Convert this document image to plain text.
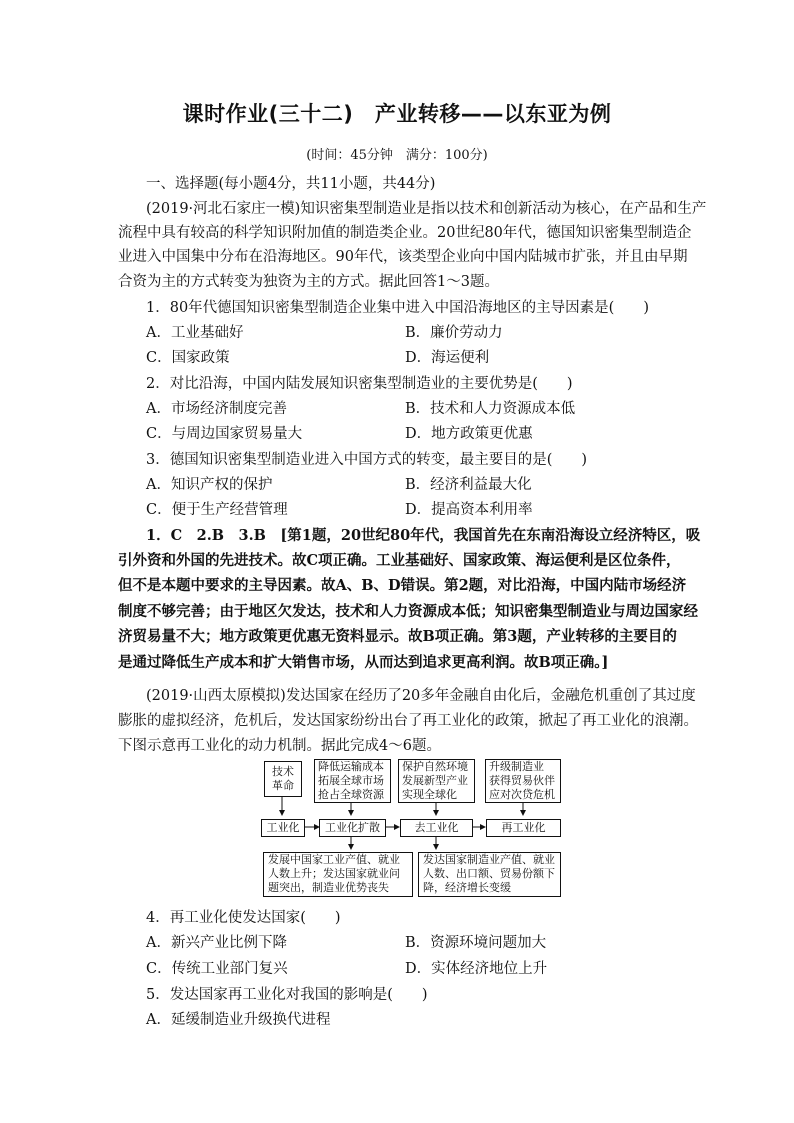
课时作业(三十二)　产业转移——以东亚为例
(时间：45分钟　满分：100分)
一、选择题(每小题4分，共11小题，共44分)
(2019·河北石家庄一模)知识密集型制造业是指以技术和创新活动为核心，在产品和生产
流程中具有较高的科学知识附加值的制造类企业。20世纪80年代，德国知识密集型制造企
业进入中国集中分布在沿海地区。90年代，该类型企业向中国内陆城市扩张，并且由早期
合资为主的方式转变为独资为主的方式。据此回答1～3题。
1．80年代德国知识密集型制造企业集中进入中国沿海地区的主导因素是(　　)
A．工业基础好	B．廉价劳动力
C．国家政策	D．海运便利
2．对比沿海，中国内陆发展知识密集型制造业的主要优势是(　　)
A．市场经济制度完善	B．技术和人力资源成本低
C．与周边国家贸易量大	D．地方政策更优惠
3．德国知识密集型制造业进入中国方式的转变，最主要目的是(　　)
A．知识产权的保护	B．经济利益最大化
C．便于生产经营管理	D．提高资本利用率
1．C　2.B　3.B　[第1题，20世纪80年代，我国首先在东南沿海设立经济特区，吸
引外资和外国的先进技术。故C项正确。工业基础好、国家政策、海运便利是区位条件，
但不是本题中要求的主导因素。故A、B、D错误。第2题，对比沿海，中国内陆市场经济
制度不够完善；由于地区欠发达，技术和人力资源成本低；知识密集型制造业与周边国家经
济贸易量不大；地方政策更优惠无资料显示。故B项正确。第3题，产业转移的主要目的
是通过降低生产成本和扩大销售市场，从而达到追求更高利润。故B项正确。]
(2019·山西太原模拟)发达国家在经历了20多年金融自由化后，金融危机重创了其过度
膨胀的虚拟经济，危机后，发达国家纷纷出台了再工业化的政策，掀起了再工业化的浪潮。
下图示意再工业化的动力机制。据此完成4～6题。
技术
革命
降低运输成本
拓展全球市场
抢占全球资源
保护自然环境
发展新型产业
实现全球化
升级制造业
获得贸易伙伴
应对次贷危机
工业化	工业化扩散	去工业化	再工业化
发展中国家工业产值、就业
人数上升；发达国家就业问
题突出，制造业优势丧失
发达国家制造业产值、就业
人数、出口额、贸易份额下
降，经济增长变缓
4．再工业化使发达国家(　　)
A．新兴产业比例下降	B．资源环境问题加大
C．传统工业部门复兴	D．实体经济地位上升
5．发达国家再工业化对我国的影响是(　　)
A．延缓制造业升级换代进程
